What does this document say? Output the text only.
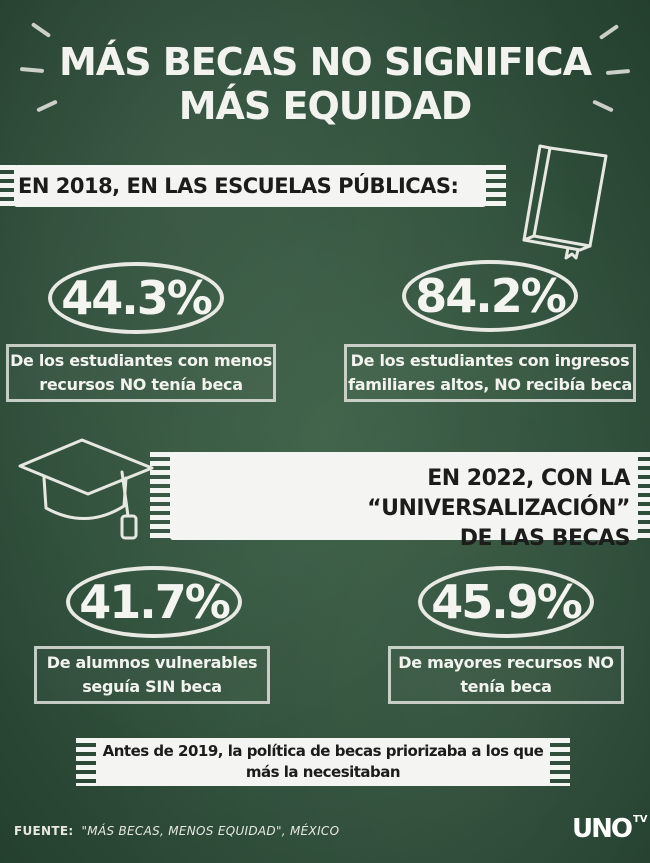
MÁS BECAS NO SIGNIFICA
MÁS EQUIDAD
EN 2018, EN LAS ESCUELAS PÚBLICAS:
44.3%	84.2%
De los estudiantes con menos
recursos NO tenía beca
De los estudiantes con ingresos
familiares altos, NO recibía beca
EN 2022, CON LA “UNIVERSALIZACIÓN”
DE LAS BECAS
41.7%	45.9%
De alumnos vulnerables
seguía SIN beca
De mayores recursos NO
tenía beca
Antes de 2019, la política de becas priorizaba a los que
más la necesitaban
FUENTE: "MÁS BECAS, MENOS EQUIDAD", MÉXICO	UNO $^{TV}$
